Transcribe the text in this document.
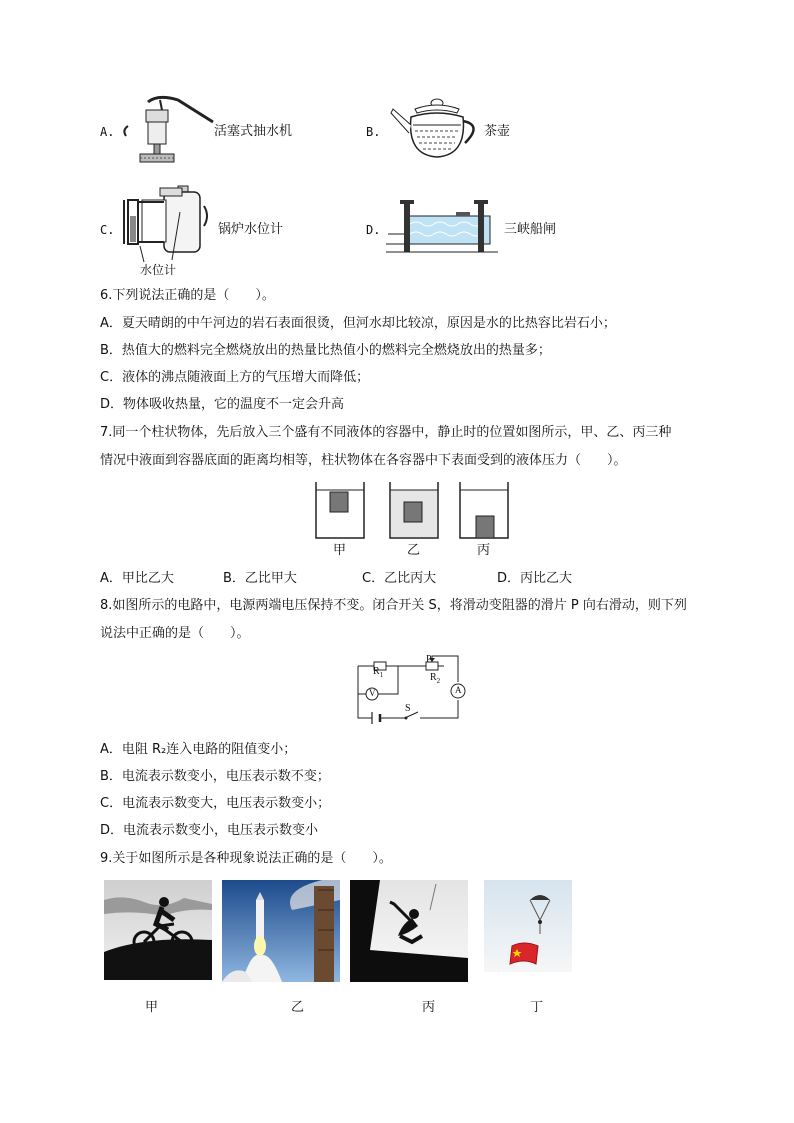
A.	活塞式抽水机	B.	茶壶
C.
水位计
锅炉水位计	D.	三峡船闸
6.下列说法正确的是（　　）。
A．夏天晴朗的中午河边的岩石表面很烫，但河水却比较凉，原因是水的比热容比岩石小；
B．热值大的燃料完全燃烧放出的热量比热值小的燃料完全燃烧放出的热量多；
C．液体的沸点随液面上方的气压增大而降低；
D．物体吸收热量，它的温度不一定会升高
7.同一个柱状物体，先后放入三个盛有不同液体的容器中，静止时的位置如图所示，甲、乙、丙三种
情况中液面到容器底面的距离均相等，柱状物体在各容器中下表面受到的液体压力（　　）。
甲	乙	丙
A．甲比乙大	B．乙比甲大	C．乙比丙大	D．丙比乙大
8.如图所示的电路中，电源两端电压保持不变。闭合开关 S，将滑动变阻器的滑片 P 向右滑动，则下列
说法中正确的是（　　）。
P
$R_1$	$R_2$
V	A
S
A．电阻 R₂连入电路的阻值变小；
B．电流表示数变小，电压表示数不变；
C．电流表示数变大，电压表示数变小；
D．电流表示数变小，电压表示数变小
9.关于如图所示是各种现象说法正确的是（　　）。
甲	乙	丙	丁
